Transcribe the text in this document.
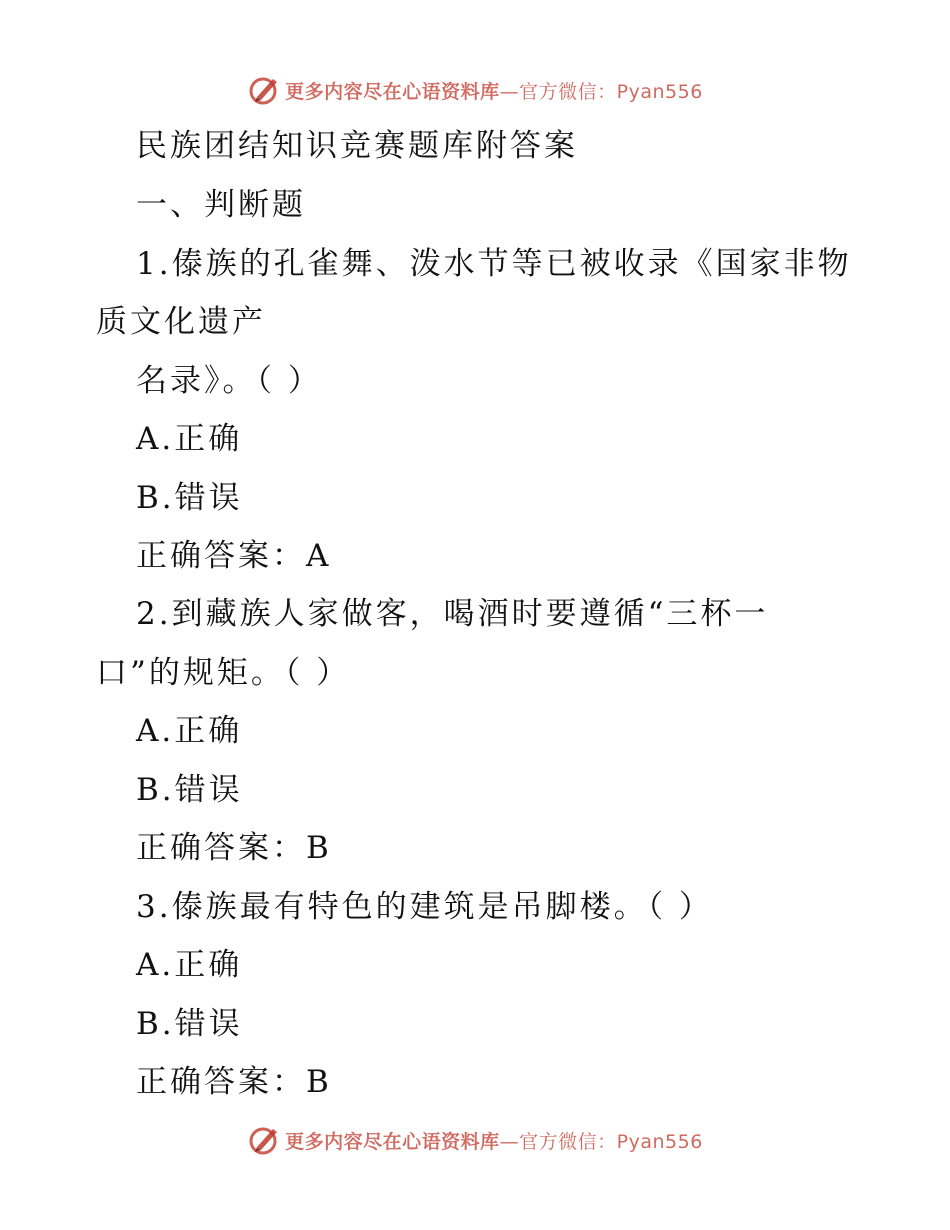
更多内容尽在心语资料库—官方微信：Pyan556
民族团结知识竞赛题库附答案
一、判断题
1.傣族的孔雀舞、泼水节等已被收录《国家非物
质文化遗产
名录》。（ ）
A.正确
B.错误
正确答案：A
2.到藏族人家做客，喝酒时要遵循“三杯一
口”的规矩。（ ）
A.正确
B.错误
正确答案：B
3.傣族最有特色的建筑是吊脚楼。（ ）
A.正确
B.错误
正确答案：B
更多内容尽在心语资料库—官方微信：Pyan556
